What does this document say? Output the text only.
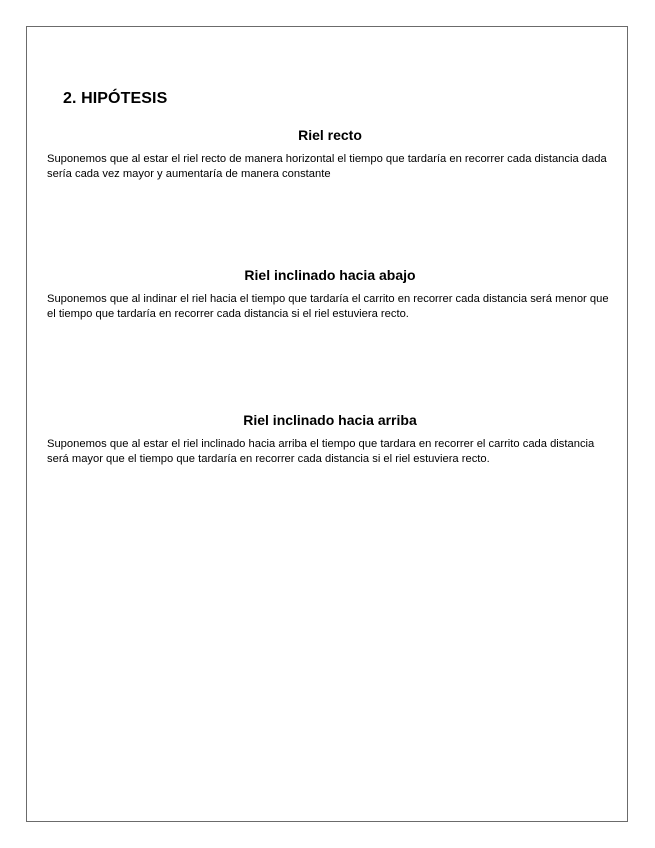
2. HIPÓTESIS
Riel recto

Suponemos que al estar el riel recto de manera horizontal el tiempo que tardaría en recorrer cada distancia dada sería cada vez mayor y aumentaría de manera constante

Riel inclinado hacia abajo

Suponemos que al indinar el riel hacia el tiempo que tardaría el carrito en recorrer cada distancia será menor que el tiempo que tardaría en recorrer cada distancia si el riel estuviera recto.

Riel inclinado hacia arriba

Suponemos que al estar el riel inclinado hacia arriba el tiempo que tardara en recorrer el carrito cada distancia será mayor que el tiempo que tardaría en recorrer cada distancia si el riel estuviera recto.
